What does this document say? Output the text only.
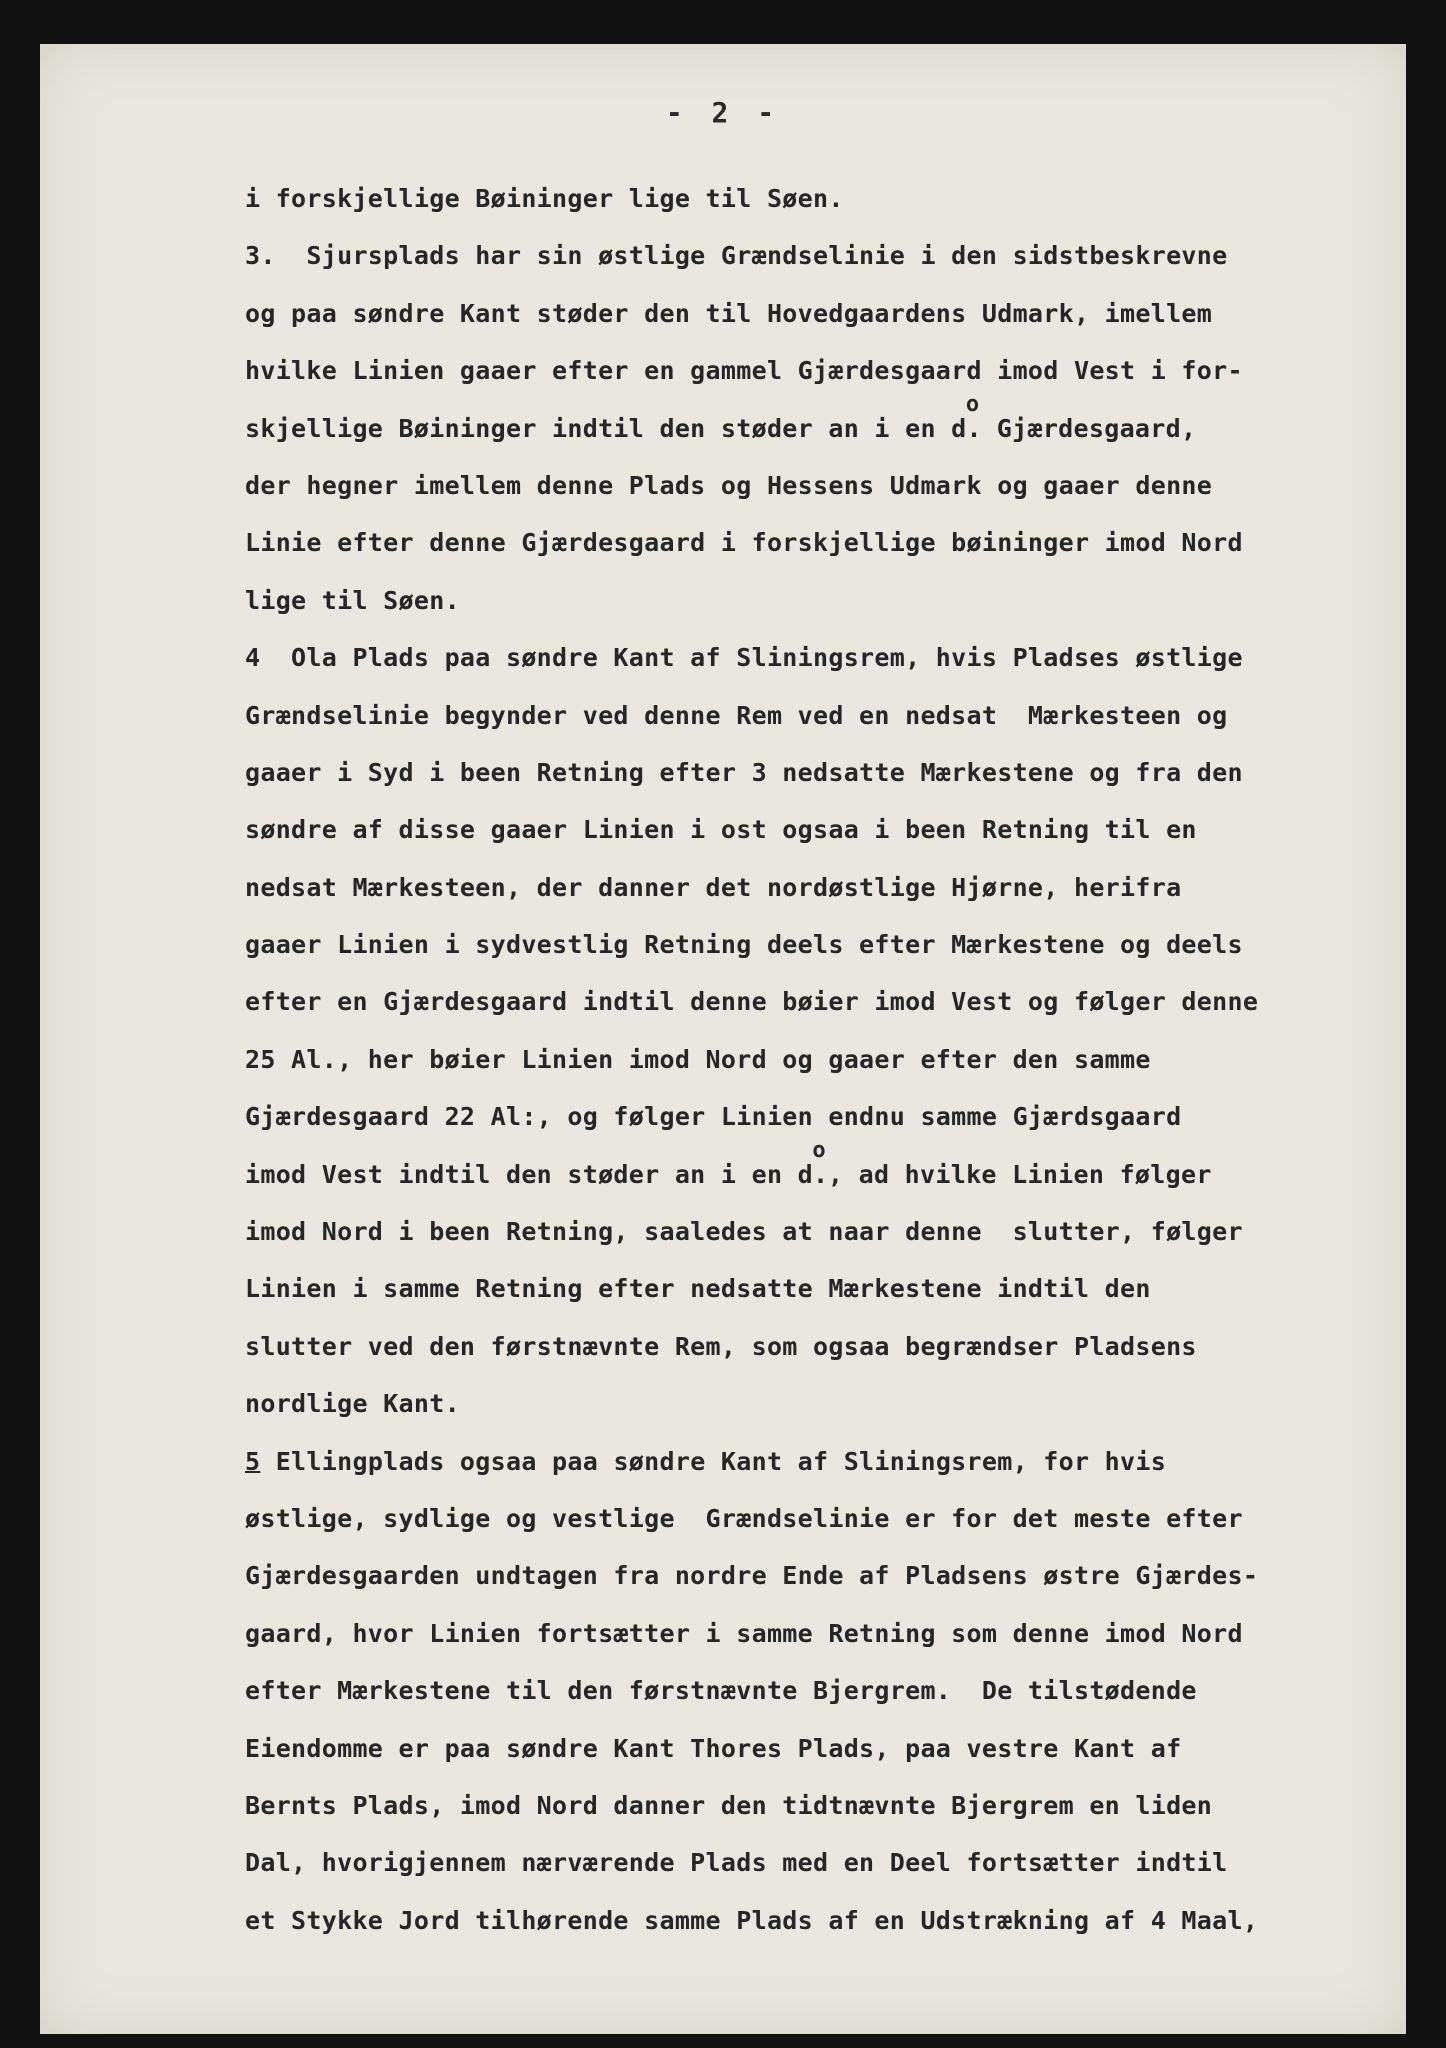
- 2 -
i forskjellige Bøininger lige til Søen.
3.  Sjursplads har sin østlige Grændselinie i den sidstbeskrevne
og paa søndre Kant støder den til Hovedgaardens Udmark, imellem
hvilke Linien gaaer efter en gammel Gjærdesgaard imod Vest i for-
skjellige Bøininger indtil den støder an i en d.o Gjærdesgaard,
der hegner imellem denne Plads og Hessens Udmark og gaaer denne
Linie efter denne Gjærdesgaard i forskjellige bøininger imod Nord
lige til Søen.
4  Ola Plads paa søndre Kant af Sliningsrem, hvis Pladses østlige
Grændselinie begynder ved denne Rem ved en nedsat  Mærkesteen og
gaaer i Syd i been Retning efter 3 nedsatte Mærkestene og fra den
søndre af disse gaaer Linien i ost ogsaa i been Retning til en
nedsat Mærkesteen, der danner det nordøstlige Hjørne, herifra
gaaer Linien i sydvestlig Retning deels efter Mærkestene og deels
efter en Gjærdesgaard indtil denne bøier imod Vest og følger denne
25 Al., her bøier Linien imod Nord og gaaer efter den samme
Gjærdesgaard 22 Al:, og følger Linien endnu samme Gjærdsgaard
imod Vest indtil den støder an i en d.o, ad hvilke Linien følger
imod Nord i been Retning, saaledes at naar denne  slutter, følger
Linien i samme Retning efter nedsatte Mærkestene indtil den
slutter ved den førstnævnte Rem, som ogsaa begrændser Pladsens
nordlige Kant.
5 Ellingplads ogsaa paa søndre Kant af Sliningsrem, for hvis
østlige, sydlige og vestlige  Grændselinie er for det meste efter
Gjærdesgaarden undtagen fra nordre Ende af Pladsens østre Gjærdes-
gaard, hvor Linien fortsætter i samme Retning som denne imod Nord
efter Mærkestene til den førstnævnte Bjergrem.  De tilstødende
Eiendomme er paa søndre Kant Thores Plads, paa vestre Kant af
Bernts Plads, imod Nord danner den tidtnævnte Bjergrem en liden
Dal, hvorigjennem nærværende Plads med en Deel fortsætter indtil
et Stykke Jord tilhørende samme Plads af en Udstrækning af 4 Maal,
